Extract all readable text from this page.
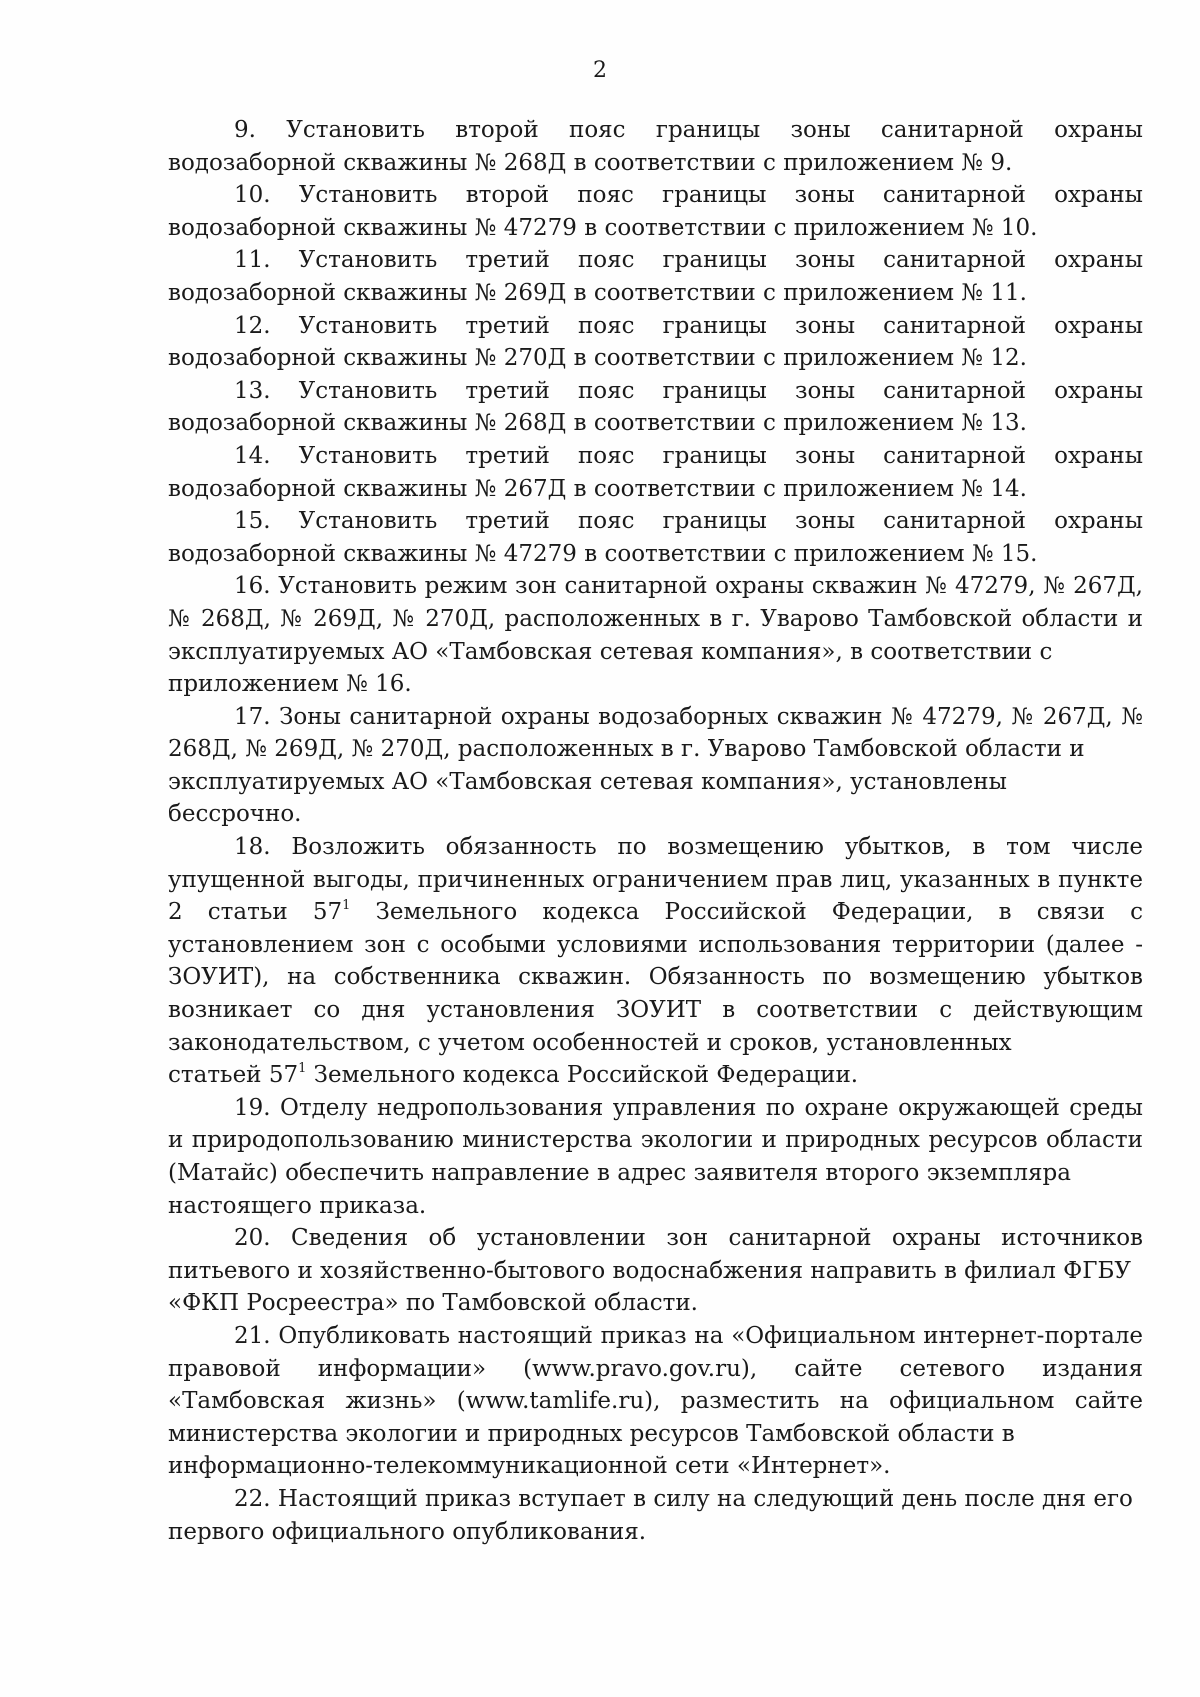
2
9. Установить второй пояс границы зоны санитарной охраны
водозаборной скважины № 268Д в соответствии с приложением № 9.
10. Установить второй пояс границы зоны санитарной охраны
водозаборной скважины № 47279 в соответствии с приложением № 10.
11. Установить третий пояс границы зоны санитарной охраны
водозаборной скважины № 269Д в соответствии с приложением № 11.
12. Установить третий пояс границы зоны санитарной охраны
водозаборной скважины № 270Д в соответствии с приложением № 12.
13. Установить третий пояс границы зоны санитарной охраны
водозаборной скважины № 268Д в соответствии с приложением № 13.
14. Установить третий пояс границы зоны санитарной охраны
водозаборной скважины № 267Д в соответствии с приложением № 14.
15. Установить третий пояс границы зоны санитарной охраны
водозаборной скважины № 47279 в соответствии с приложением № 15.

16. Установить режим зон санитарной охраны скважин № 47279, № 267Д, № 268Д, № 269Д, № 270Д, расположенных в г. Уварово Тамбовской области и эксплуатируемых АО «Тамбовская сетевая компания», в соответствии с
приложением № 16.

17. Зоны санитарной охраны водозаборных скважин № 47279, № 267Д, № 268Д, № 269Д, № 270Д, расположенных в г. Уварово Тамбовской области и
эксплуатируемых АО «Тамбовская сетевая компания», установлены бессрочно.

18. Возложить обязанность по возмещению убытков, в том числе упущенной выгоды, причиненных ограничением прав лиц, указанных в пункте 2 статьи $57^1$ Земельного кодекса Российской Федерации, в связи с установлением зон с особыми условиями использования территории (далее - ЗОУИТ), на собственника скважин. Обязанность по возмещению убытков возникает со дня установления ЗОУИТ в соответствии с действующим законодательством, с учетом особенностей и сроков, установленных
статьей $57^1$ Земельного кодекса Российской Федерации.

19. Отделу недропользования управления по охране окружающей среды и природопользованию министерства экологии и природных ресурсов области (Матайс) обеспечить направление в адрес заявителя второго экземпляра
настоящего приказа.

20. Сведения об установлении зон санитарной охраны источников питьевого и хозяйственно-бытового водоснабжения направить в филиал ФГБУ
«ФКП Росреестра» по Тамбовской области.

21. Опубликовать настоящий приказ на «Официальном интернет-портале правовой информации» (www.pravo.gov.ru), сайте сетевого издания «Тамбовская жизнь» (www.tamlife.ru), разместить на официальном сайте министерства экологии и природных ресурсов Тамбовской области в
информационно-телекоммуникационной сети «Интернет».

22. Настоящий приказ вступает в силу на следующий день после дня его
первого официального опубликования.
